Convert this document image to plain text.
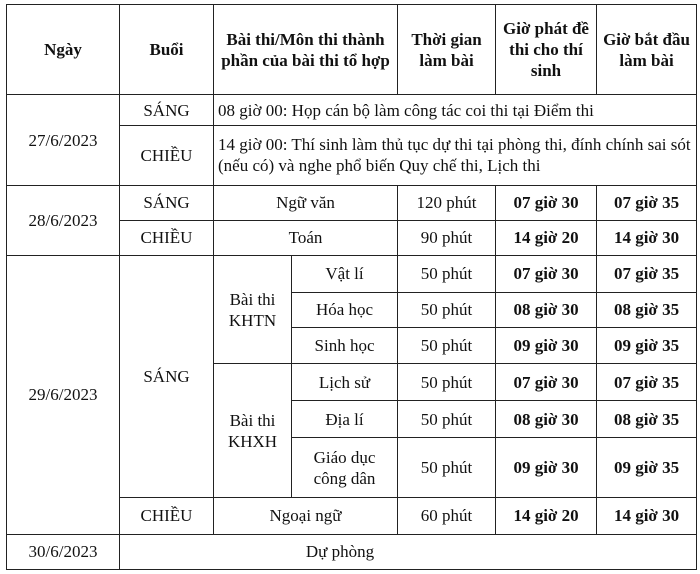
Ngày	Buổi	Bài thi/Môn thi thành phần của bài thi tổ hợp		Thời gian làm bài	Giờ phát đề thi cho thí sinh	Giờ bắt đầu làm bài
27/6/2023	SÁNG	08 giờ 00: Họp cán bộ làm công tác coi thi tại Điểm thi				
	CHIỀU	14 giờ 00: Thí sinh làm thủ tục dự thi tại phòng thi, đính chính sai sót (nếu có) và nghe phổ biến Quy chế thi, Lịch thi				
28/6/2023	SÁNG	Ngữ văn		120 phút	07 giờ 30	07 giờ 35
	CHIỀU	Toán		90 phút	14 giờ 20	14 giờ 30
29/6/2023	SÁNG	Bài thi KHTN	Vật lí	50 phút	07 giờ 30	07 giờ 35
			Hóa học	50 phút	08 giờ 30	08 giờ 35
			Sinh học	50 phút	09 giờ 30	09 giờ 35
		Bài thi KHXH	Lịch sử	50 phút	07 giờ 30	07 giờ 35
			Địa lí	50 phút	08 giờ 30	08 giờ 35
			Giáo dục công dân	50 phút	09 giờ 30	09 giờ 35
	CHIỀU	Ngoại ngữ		60 phút	14 giờ 20	14 giờ 30
30/6/2023	Dự phòng					
